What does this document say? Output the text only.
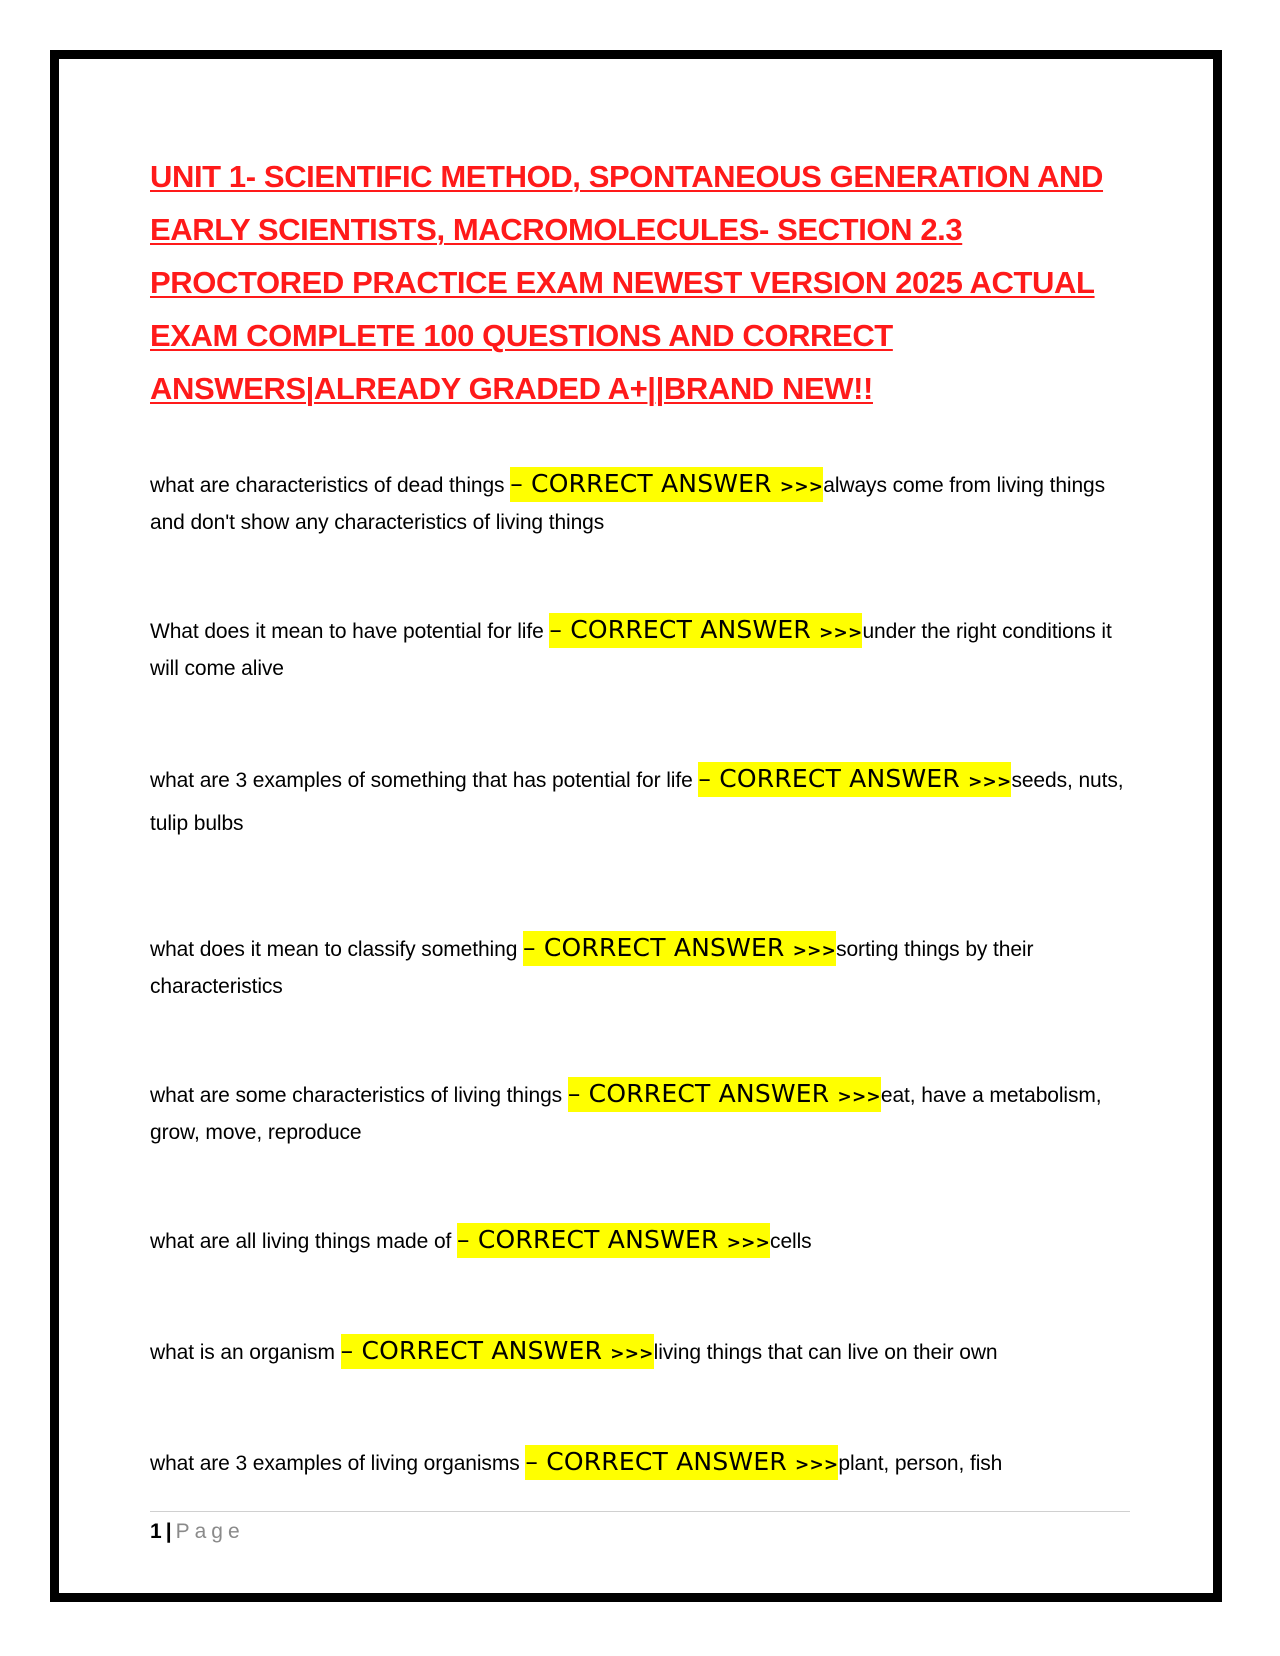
UNIT 1- SCIENTIFIC METHOD, SPONTANEOUS GENERATION AND EARLY SCIENTISTS, MACROMOLECULES- SECTION 2.3 PROCTORED PRACTICE EXAM NEWEST VERSION 2025 ACTUAL EXAM COMPLETE 100 QUESTIONS AND CORRECT ANSWERS|ALREADY GRADED A+||BRAND NEW!!

what are characteristics of dead things – CORRECT ANSWER >>>always come from living things and don't show any characteristics of living things

What does it mean to have potential for life – CORRECT ANSWER >>>under the right conditions it will come alive

what are 3 examples of something that has potential for life – CORRECT ANSWER >>>seeds, nuts, tulip bulbs

what does it mean to classify something – CORRECT ANSWER >>>sorting things by their characteristics

what are some characteristics of living things – CORRECT ANSWER >>>eat, have a metabolism, grow, move, reproduce

what are all living things made of – CORRECT ANSWER >>>cells

what is an organism – CORRECT ANSWER >>>living things that can live on their own

what are 3 examples of living organisms – CORRECT ANSWER >>>plant, person, fish

1 | Page
